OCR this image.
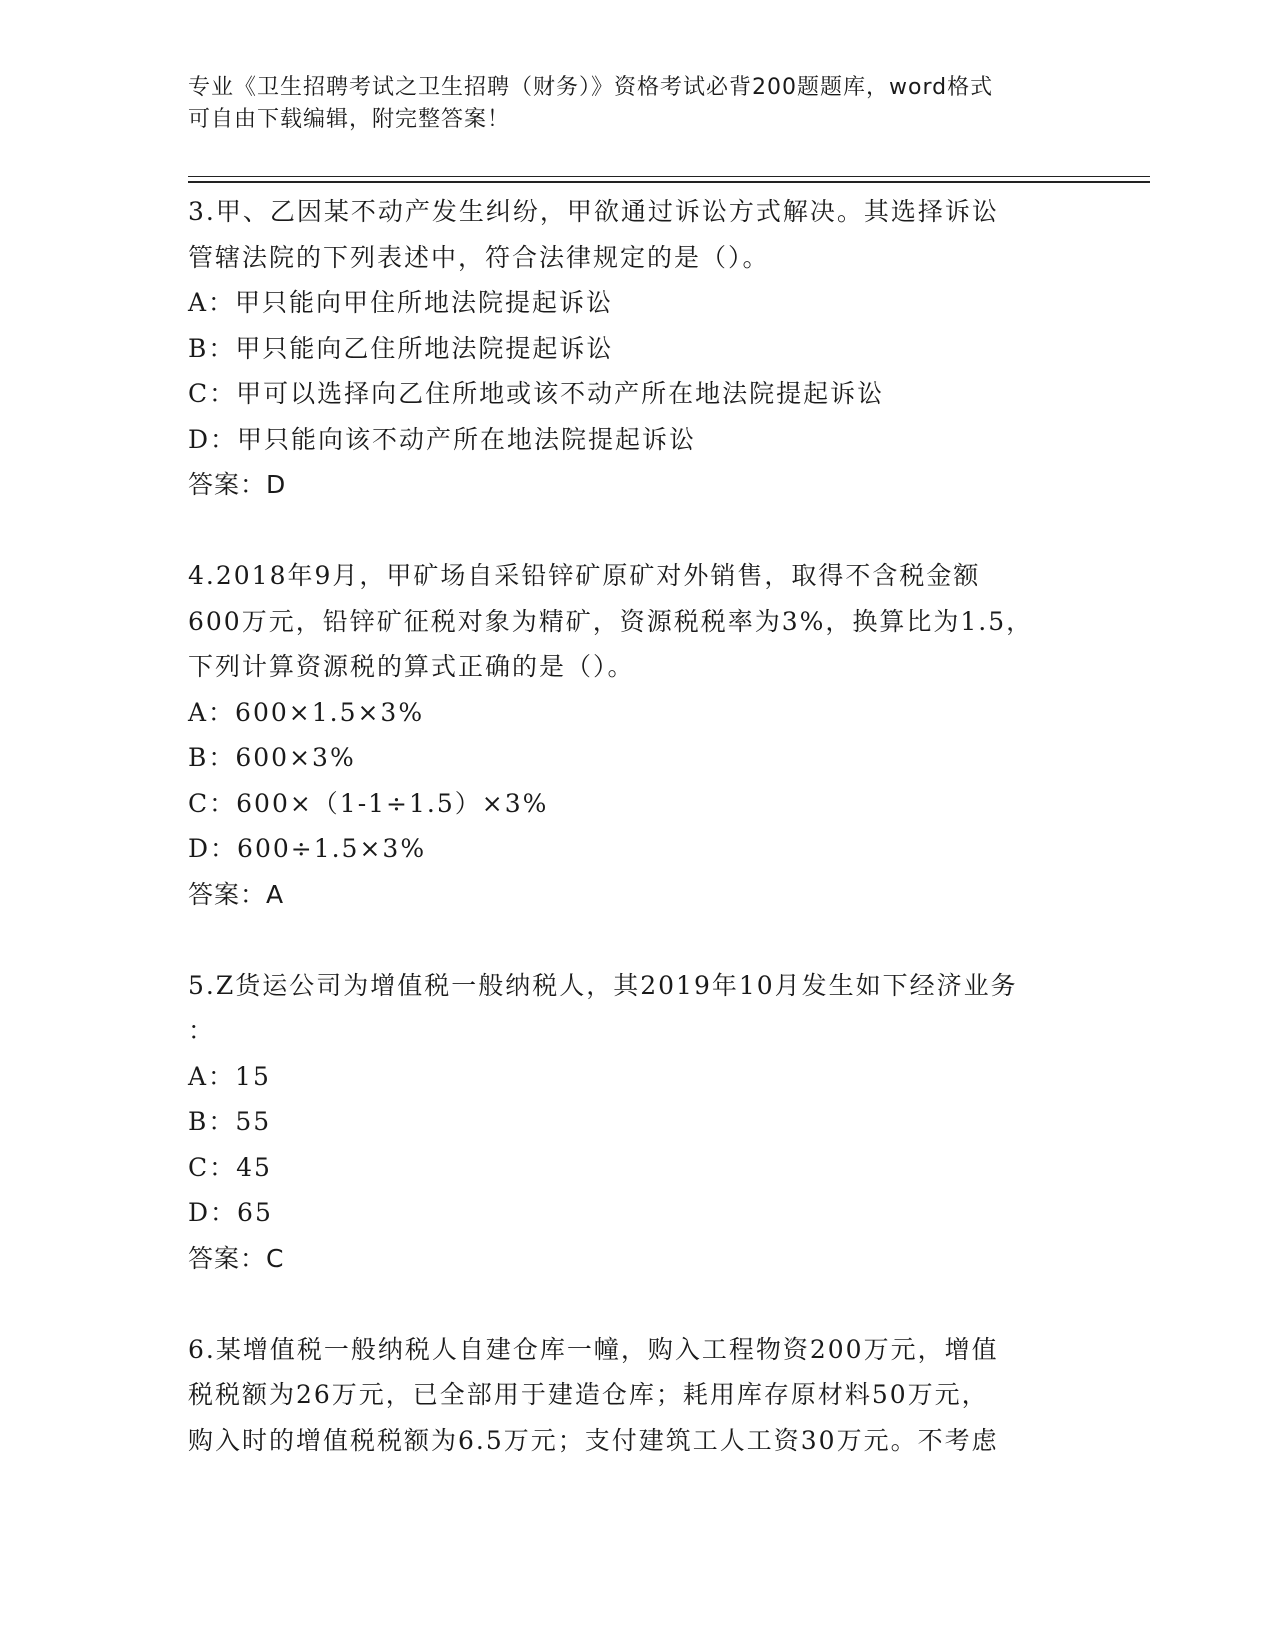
专业《卫生招聘考试之卫生招聘（财务）》资格考试必背200题题库，word格式
可自由下载编辑，附完整答案！
3.甲、乙因某不动产发生纠纷，甲欲通过诉讼方式解决。其选择诉讼
管辖法院的下列表述中，符合法律规定的是（）。
A：甲只能向甲住所地法院提起诉讼
B：甲只能向乙住所地法院提起诉讼
C：甲可以选择向乙住所地或该不动产所在地法院提起诉讼
D：甲只能向该不动产所在地法院提起诉讼
答案：D
4.2018年9月，甲矿场自采铅锌矿原矿对外销售，取得不含税金额
600万元，铅锌矿征税对象为精矿，资源税税率为3%，换算比为1.5，
下列计算资源税的算式正确的是（）。
A：600×1.5×3%
B：600×3%
C：600×（1-1÷1.5）×3%
D：600÷1.5×3%
答案：A
5.Z货运公司为增值税一般纳税人，其2019年10月发生如下经济业务
：
A：15
B：55
C：45
D：65
答案：C
6.某增值税一般纳税人自建仓库一幢，购入工程物资200万元，增值
税税额为26万元，已全部用于建造仓库；耗用库存原材料50万元，
购入时的增值税税额为6.5万元；支付建筑工人工资30万元。不考虑
